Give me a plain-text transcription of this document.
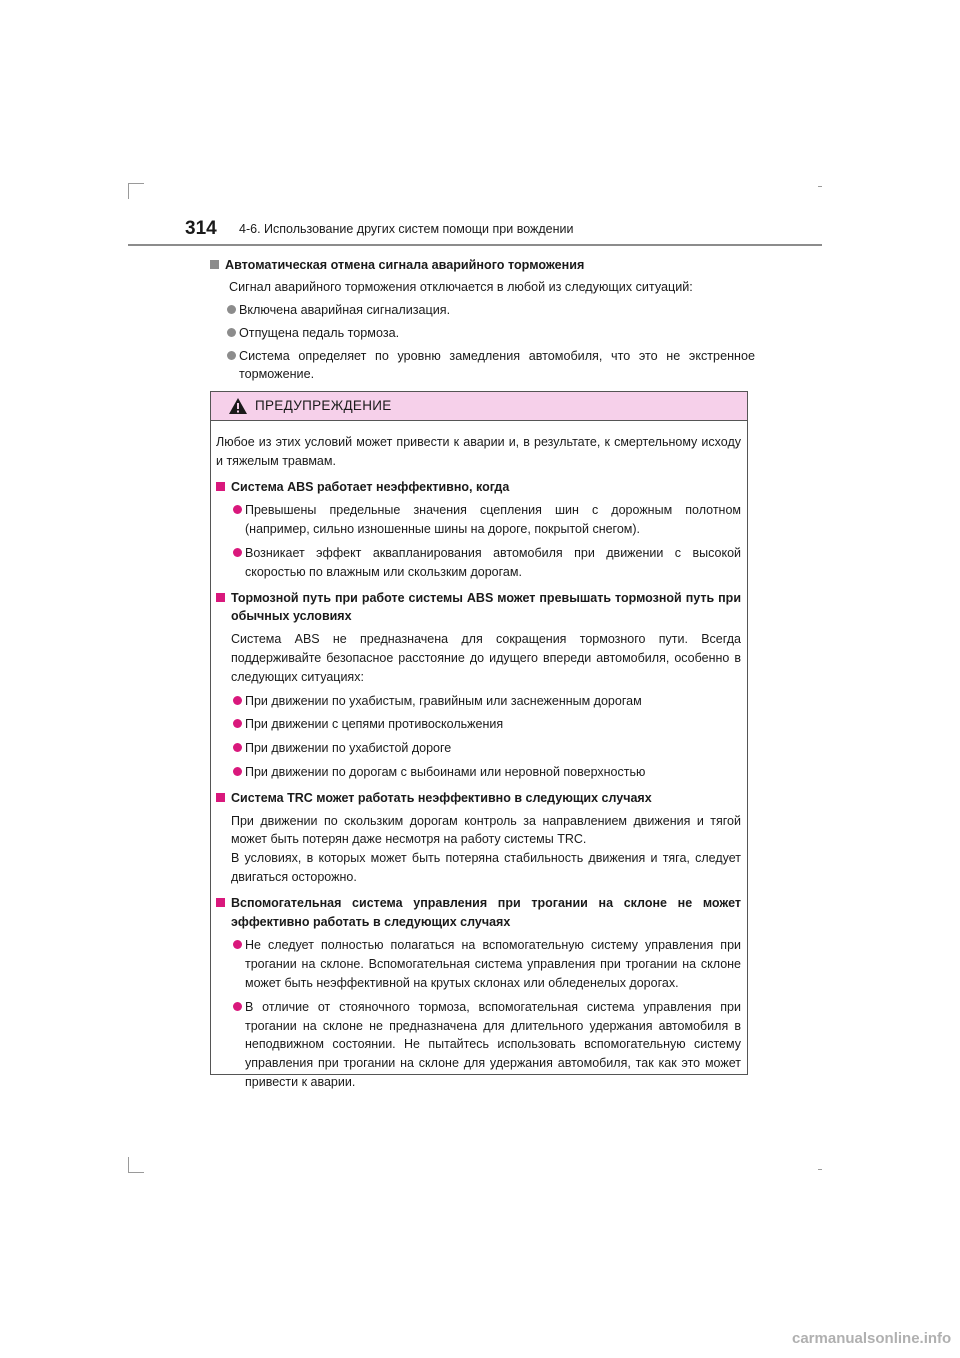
314 4-6. Использование других систем помощи при вождении
Автоматическая отмена сигнала аварийного торможения
Сигнал аварийного торможения отключается в любой из следующих ситуаций:
Включена аварийная сигнализация.
Отпущена педаль тормоза.
Система определяет по уровню замедления автомобиля, что это не экстренное торможение.
ПРЕДУПРЕЖДЕНИЕ
Любое из этих условий может привести к аварии и, в результате, к смертельному исходу и тяжелым травмам.
Система ABS работает неэффективно, когда
Превышены предельные значения сцепления шин с дорожным полотном (например, сильно изношенные шины на дороге, покрытой снегом).
Возникает эффект аквапланирования автомобиля при движении с высокой скоростью по влажным или скользким дорогам.
Тормозной путь при работе системы ABS может превышать тормозной путь при обычных условиях
Система ABS не предназначена для сокращения тормозного пути. Всегда поддерживайте безопасное расстояние до идущего впереди автомобиля, особенно в следующих ситуациях:
При движении по ухабистым, гравийным или заснеженным дорогам
При движении с цепями противоскольжения
При движении по ухабистой дороге
При движении по дорогам с выбоинами или неровной поверхностью
Система TRC может работать неэффективно в следующих случаях
При движении по скользким дорогам контроль за направлением движения и тягой может быть потерян даже несмотря на работу системы TRC.
В условиях, в которых может быть потеряна стабильность движения и тяга, следует двигаться осторожно.
Вспомогательная система управления при трогании на склоне не может эффективно работать в следующих случаях
Не следует полностью полагаться на вспомогательную систему управления при трогании на склоне. Вспомогательная система управления при трогании на склоне может быть неэффективной на крутых склонах или обледенелых дорогах.
В отличие от стояночного тормоза, вспомогательная система управления при трогании на склоне не предназначена для длительного удержания автомобиля в неподвижном состоянии. Не пытайтесь использовать вспомогательную систему управления при трогании на склоне для удержания автомобиля, так как это может привести к аварии.
carmanualsonline.info
